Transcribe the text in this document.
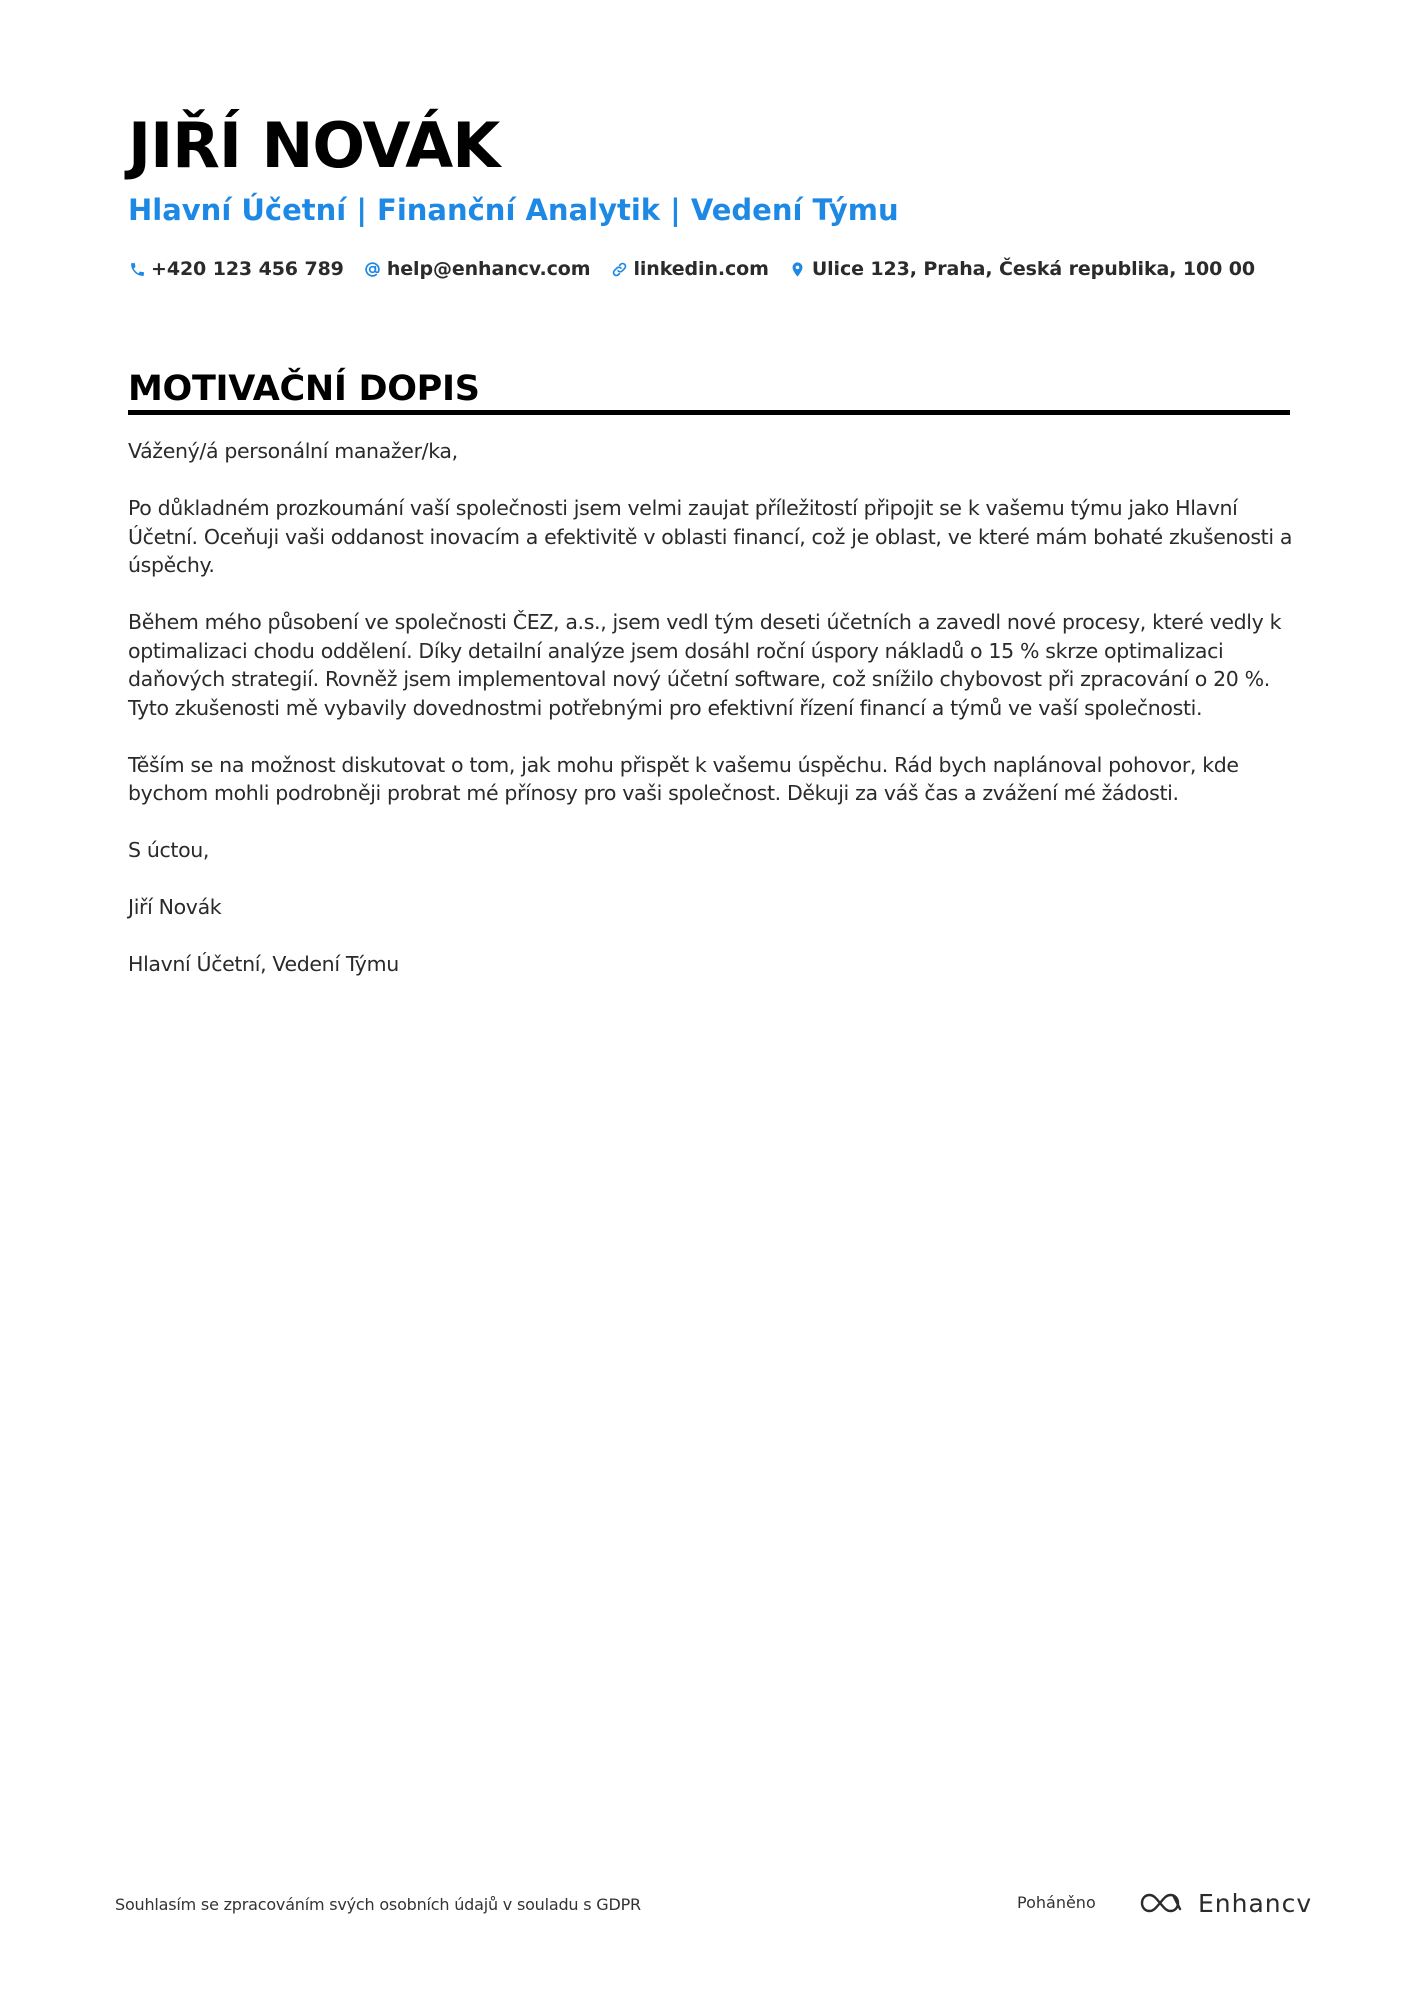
JIŘÍ NOVÁK
Hlavní Účetní | Finanční Analytik | Vedení Týmu
+420 123 456 789 help@enhancv.com linkedin.com Ulice 123, Praha, Česká republika, 100 00
MOTIVAČNÍ DOPIS

Vážený/á personální manažer/ka,

Po důkladném prozkoumání vaší společnosti jsem velmi zaujat příležitostí připojit se k vašemu týmu jako Hlavní Účetní. Oceňuji vaši oddanost inovacím a efektivitě v oblasti financí, což je oblast, ve které mám bohaté zkušenosti a úspěchy.

Během mého působení ve společnosti ČEZ, a.s., jsem vedl tým deseti účetních a zavedl nové procesy, které vedly k optimalizaci chodu oddělení. Díky detailní analýze jsem dosáhl roční úspory nákladů o 15 % skrze optimalizaci daňových strategií. Rovněž jsem implementoval nový účetní software, což snížilo chybovost při zpracování o 20 %. Tyto zkušenosti mě vybavily dovednostmi potřebnými pro efektivní řízení financí a týmů ve vaší společnosti.

Těším se na možnost diskutovat o tom, jak mohu přispět k vašemu úspěchu. Rád bych naplánoval pohovor, kde bychom mohli podrobněji probrat mé přínosy pro vaši společnost. Děkuji za váš čas a zvážení mé žádosti.

S úctou,

Jiří Novák

Hlavní Účetní, Vedení Týmu

Souhlasím se zpracováním svých osobních údajů v souladu s GDPR	Poháněno	Enhancv
